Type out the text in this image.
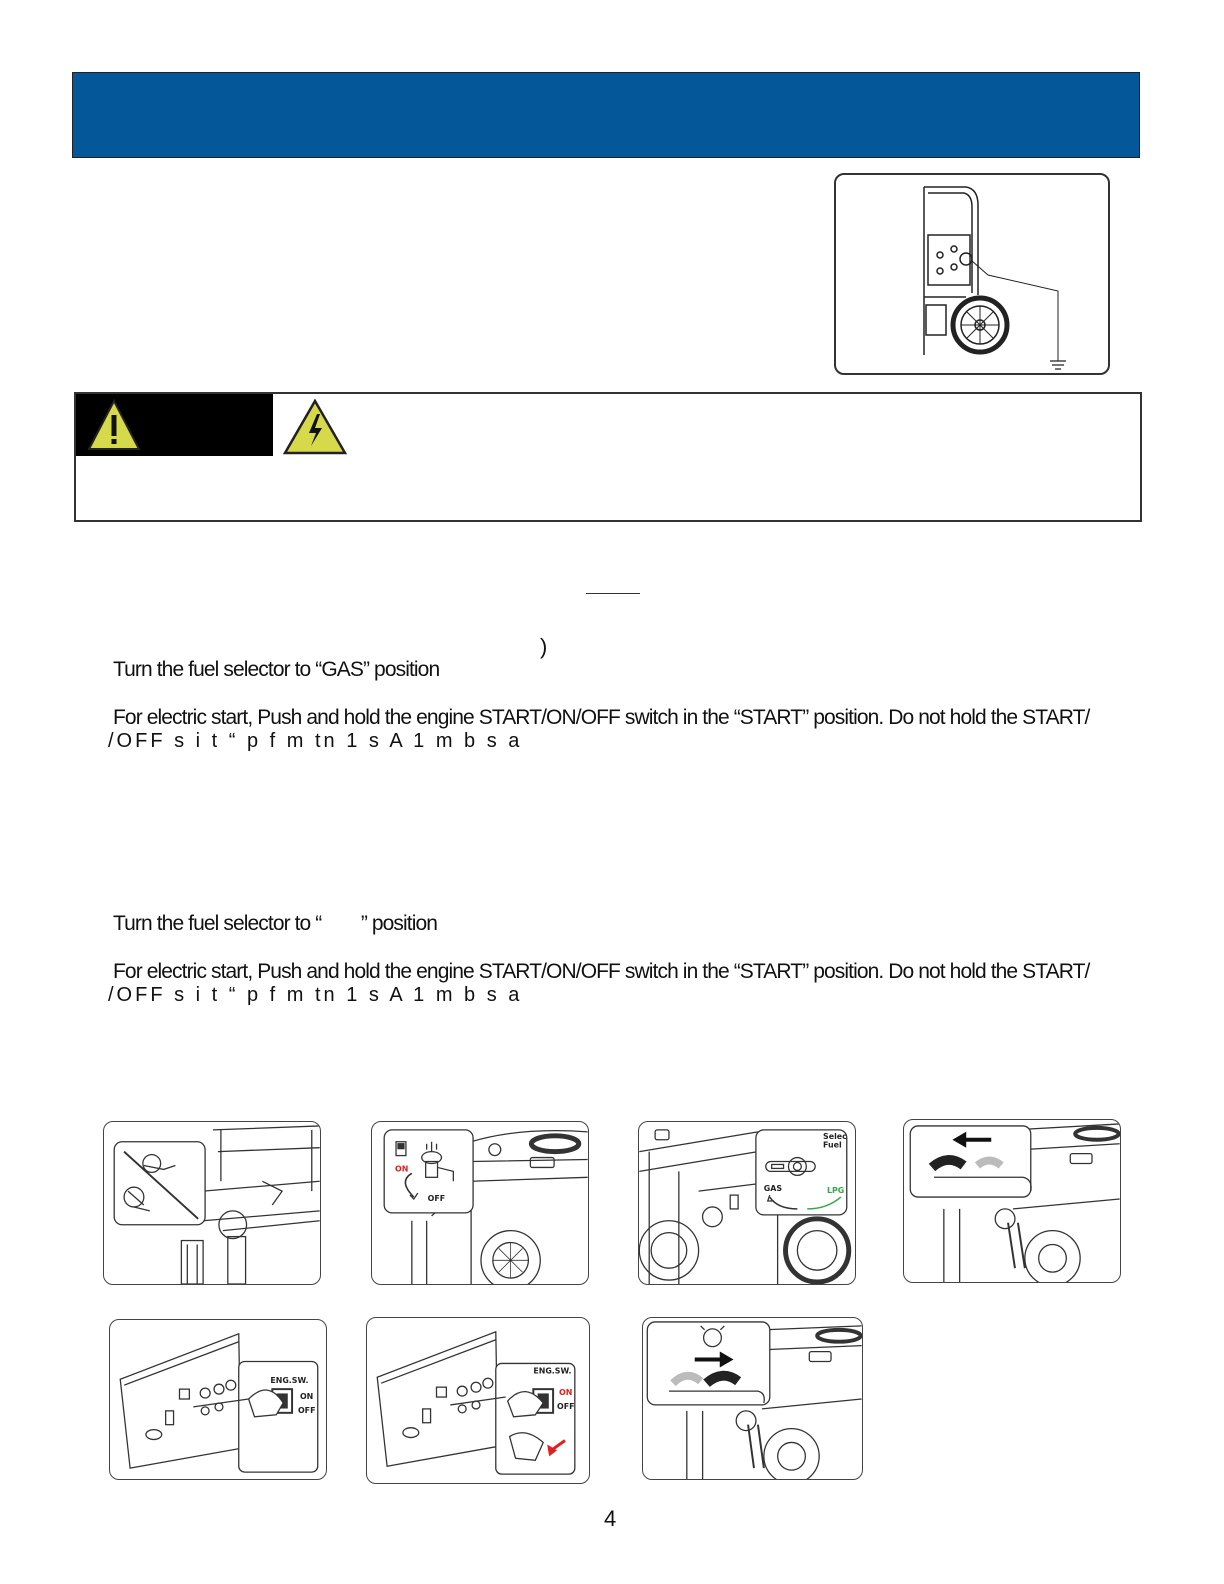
)
Turn the fuel selector to “GAS” position
For electric start, Push and hold the engine START/ON/OFF switch in the “START” position. Do not hold the START/
/OFF s i t “ p f m tn 1 s A 1 m b s a
Turn the fuel selector to “        ” position
For electric start, Push and hold the engine START/ON/OFF switch in the “START” position. Do not hold the START/
/OFF s i t “ p f m tn 1 s A 1 m b s a
ON
OFF
Selec Fuel
GAS	LPG
ENG.SW.
ON
OFF
ENG.SW.
ON
OFF
4
